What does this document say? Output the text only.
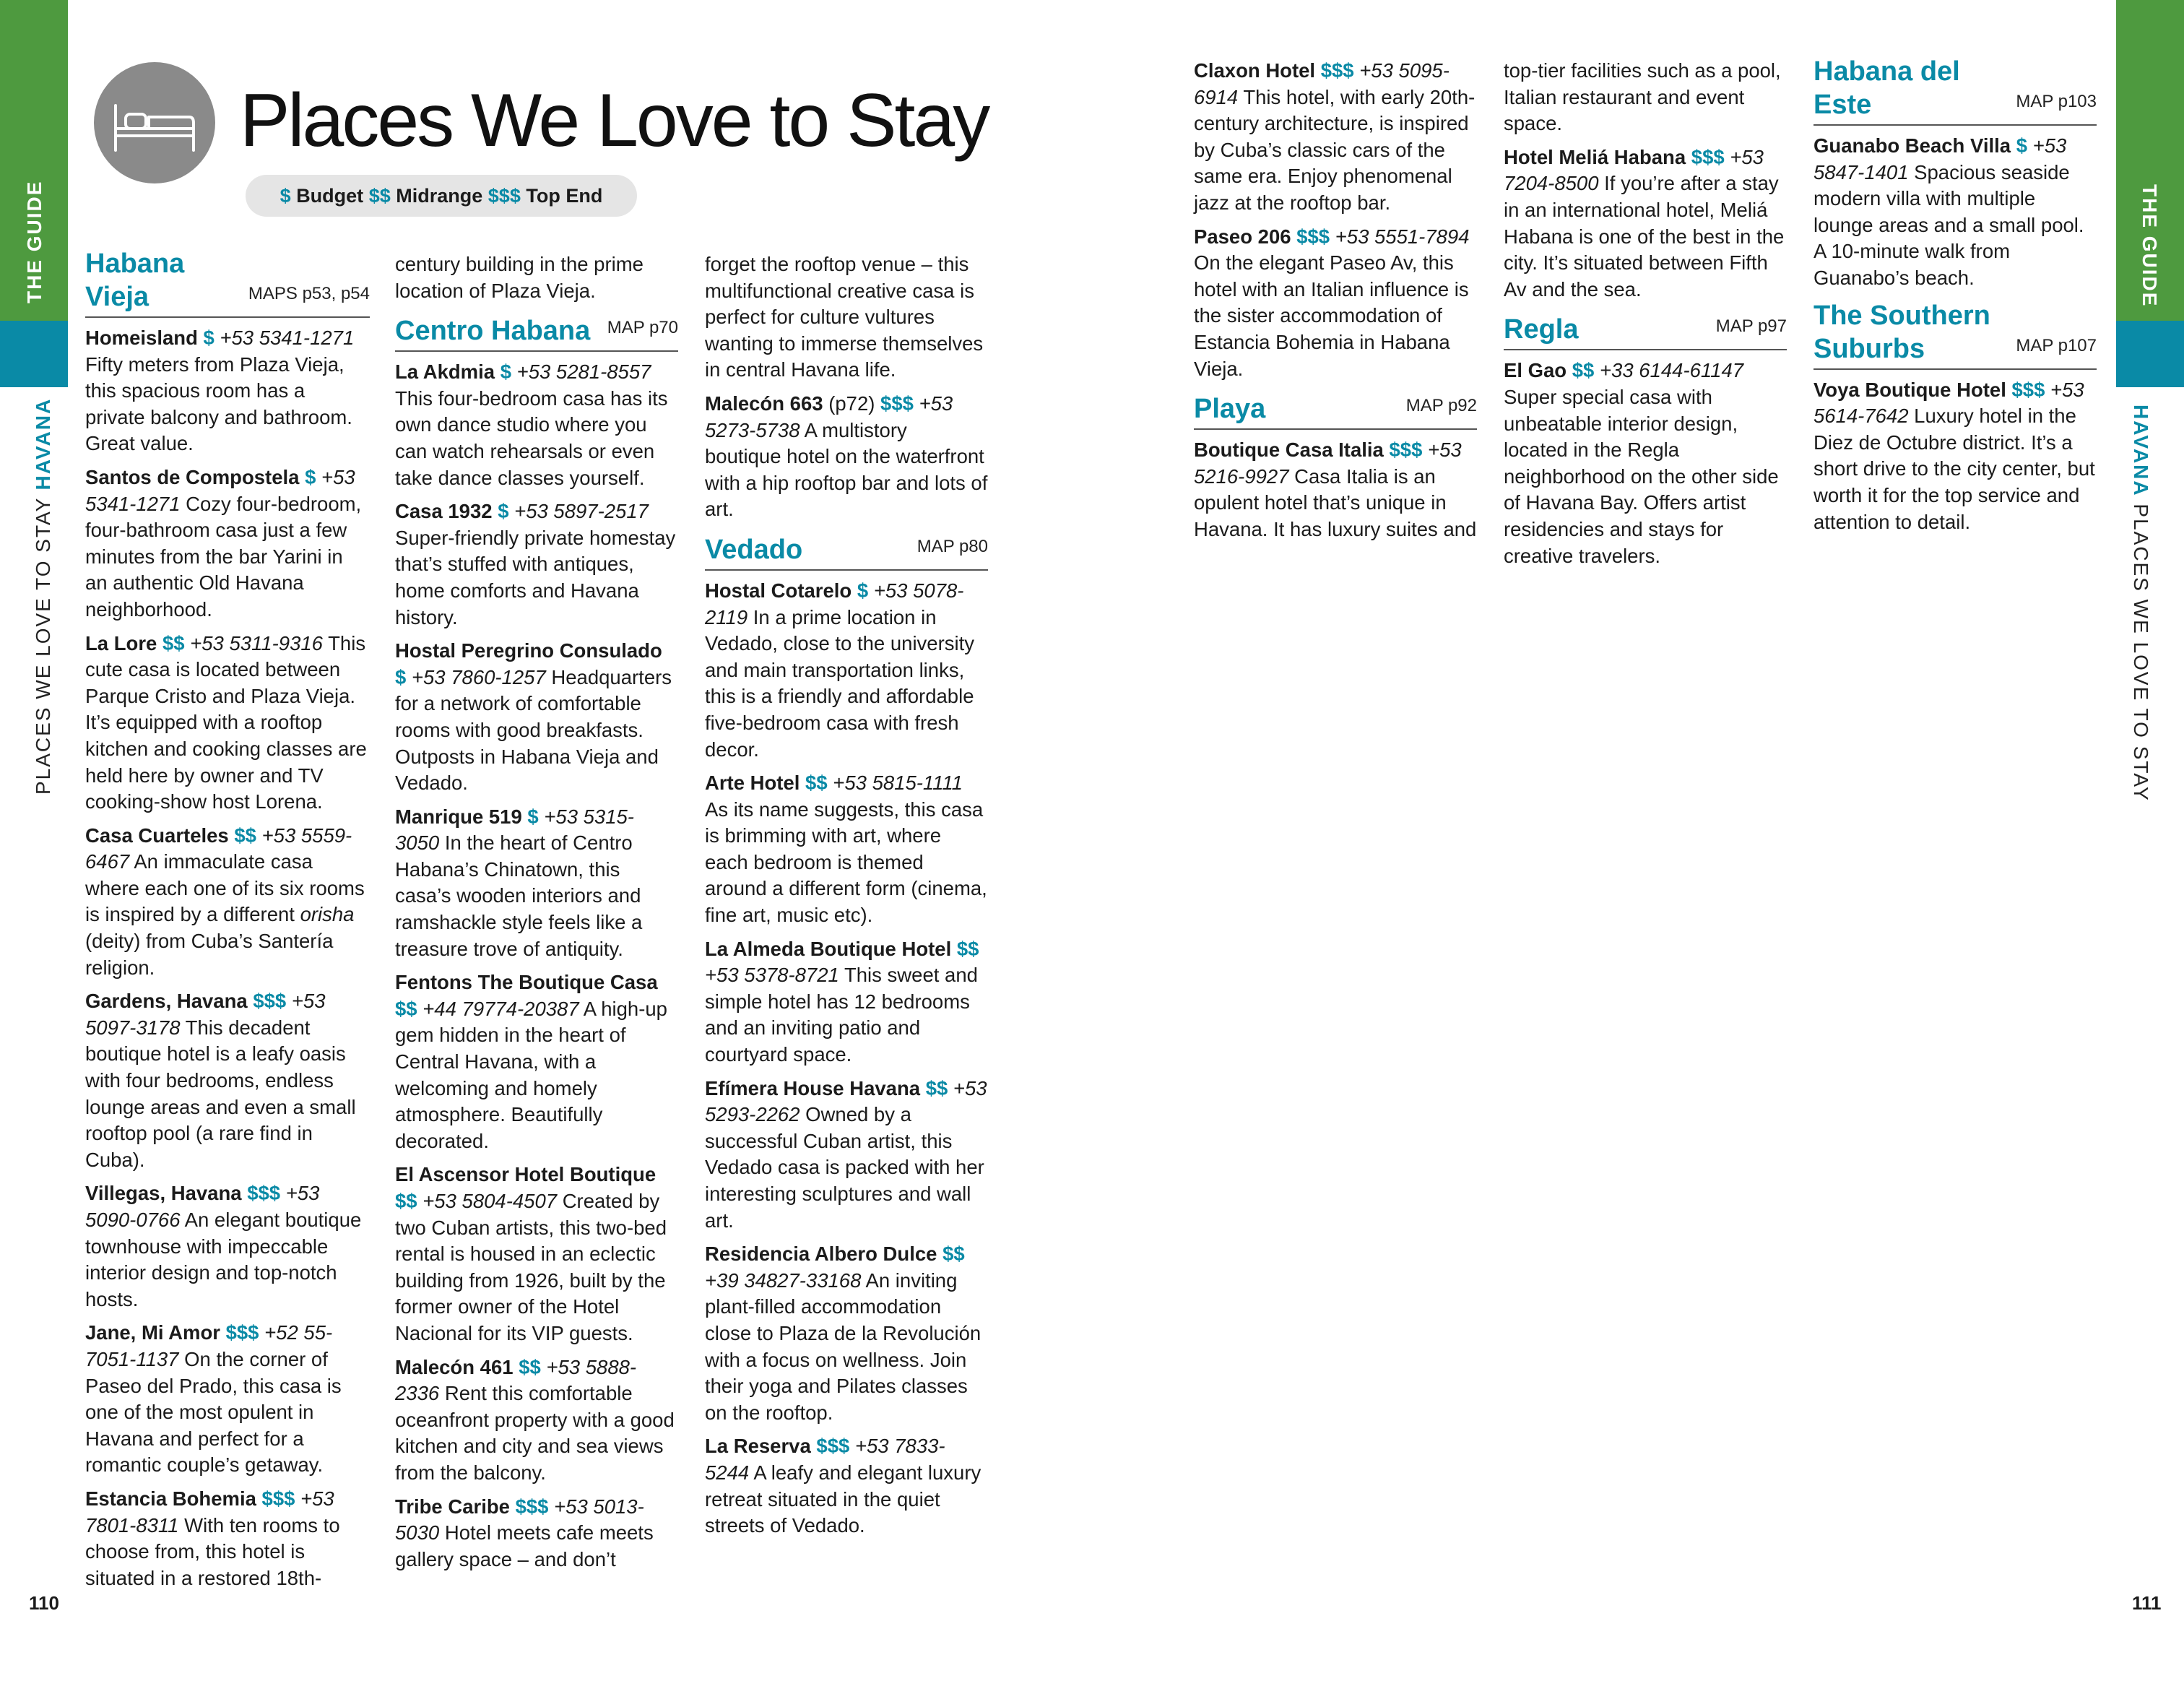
THE GUIDE
PLACES WE LOVE TO STAY HAVANA
THE GUIDE
HAVANA PLACES WE LOVE TO STAY
Places We Love to Stay
$ Budget $$ Midrange $$$ Top End
Habana Vieja	MAPS p53, p54

Homeisland $ +53 5341-1271 Fifty meters from Plaza Vieja, this spacious room has a private balcony and bathroom. Great value.

Santos de Compostela $ +53 5341-1271 Cozy four-bedroom, four-bathroom casa just a few minutes from the bar Yarini in an authentic Old Havana neighborhood.

La Lore $$ +53 5311-9316 This cute casa is located between Parque Cristo and Plaza Vieja. It’s equipped with a rooftop kitchen and cooking classes are held here by owner and TV cooking-show host Lorena.

Casa Cuarteles $$ +53 5559-6467 An immaculate casa where each one of its six rooms is inspired by a different orisha (deity) from Cuba’s Santería religion.

Gardens, Havana $$$ +53 5097-3178 This decadent boutique hotel is a leafy oasis with four bedrooms, endless lounge areas and even a small rooftop pool (a rare find in Cuba).

Villegas, Havana $$$ +53 5090-0766 An elegant boutique townhouse with impeccable interior design and top-notch hosts.

Jane, Mi Amor $$$ +52 55-7051-1137 On the corner of Paseo del Prado, this casa is one of the most opulent in Havana and perfect for a romantic couple’s getaway.

Estancia Bohemia $$$ +53 7801-8311 With ten rooms to choose from, this hotel is situated in a restored 18th-

century building in the prime location of Plaza Vieja.

Centro Habana MAP p70

La Akdmia $ +53 5281-8557 This four-bedroom casa has its own dance studio where you can watch rehearsals or even take dance classes yourself.

Casa 1932 $ +53 5897-2517 Super-friendly private homestay that’s stuffed with antiques, home comforts and Havana history.

Hostal Peregrino Consulado $ +53 7860-1257 Headquarters for a network of comfortable rooms with good breakfasts. Outposts in Habana Vieja and Vedado.

Manrique 519 $ +53 5315-3050 In the heart of Centro Habana’s Chinatown, this casa’s wooden interiors and ramshackle style feels like a treasure trove of antiquity.

Fentons The Boutique Casa $$ +44 79774-20387 A high-up gem hidden in the heart of Central Havana, with a welcoming and homely atmosphere. Beautifully decorated.

El Ascensor Hotel Boutique $$ +53 5804-4507 Created by two Cuban artists, this two-bed rental is housed in an eclectic building from 1926, built by the former owner of the Hotel Nacional for its VIP guests.

Malecón 461 $$ +53 5888-2336 Rent this comfortable oceanfront property with a good kitchen and city and sea views from the balcony.

Tribe Caribe $$$ +53 5013-5030 Hotel meets cafe meets gallery space – and don’t

forget the rooftop venue – this multifunctional creative casa is perfect for culture vultures wanting to immerse themselves in central Havana life.

Malecón 663 (p72) $$$ +53 5273-5738 A multistory boutique hotel on the waterfront with a hip rooftop bar and lots of art.

Vedado	MAP p80

Hostal Cotarelo $ +53 5078-2119 In a prime location in Vedado, close to the university and main transportation links, this is a friendly and affordable five-bedroom casa with fresh decor.

Arte Hotel $$ +53 5815-1111 As its name suggests, this casa is brimming with art, where each bedroom is themed around a different form (cinema, fine art, music etc).

La Almeda Boutique Hotel $$ +53 5378-8721 This sweet and simple hotel has 12 bedrooms and an inviting patio and courtyard space.

Efímera House Havana $$ +53 5293-2262 Owned by a successful Cuban artist, this Vedado casa is packed with her interesting sculptures and wall art.

Residencia Albero Dulce $$ +39 34827-33168 An inviting plant-filled accommodation close to Plaza de la Revolución with a focus on wellness. Join their yoga and Pilates classes on the rooftop.

La Reserva $$$ +53 7833-5244 A leafy and elegant luxury retreat situated in the quiet streets of Vedado.

Claxon Hotel $$$ +53 5095-6914 This hotel, with early 20th-century architecture, is inspired by Cuba’s classic cars of the same era. Enjoy phenomenal jazz at the rooftop bar.

Paseo 206 $$$ +53 5551-7894 On the elegant Paseo Av, this hotel with an Italian influence is the sister accommodation of Estancia Bohemia in Habana Vieja.

Playa	MAP p92

Boutique Casa Italia $$$ +53 5216-9927 Casa Italia is an opulent hotel that’s unique in Havana. It has luxury suites and

top-tier facilities such as a pool, Italian restaurant and event space.

Hotel Meliá Habana $$$ +53 7204-8500 If you’re after a stay in an international hotel, Meliá Habana is one of the best in the city. It’s situated between Fifth Av and the sea.

Regla	MAP p97

El Gao $$ +33 6144-61147 Super special casa with unbeatable interior design, located in the Regla neighborhood on the other side of Havana Bay. Offers artist residencies and stays for creative travelers.

Habana del Este	MAP p103

Guanabo Beach Villa $ +53 5847-1401 Spacious seaside modern villa with multiple lounge areas and a small pool. A 10-minute walk from Guanabo’s beach.

The Southern Suburbs	MAP p107

Voya Boutique Hotel $$$ +53 5614-7642 Luxury hotel in the Diez de Octubre district. It’s a short drive to the city center, but worth it for the top service and attention to detail.

110	111
